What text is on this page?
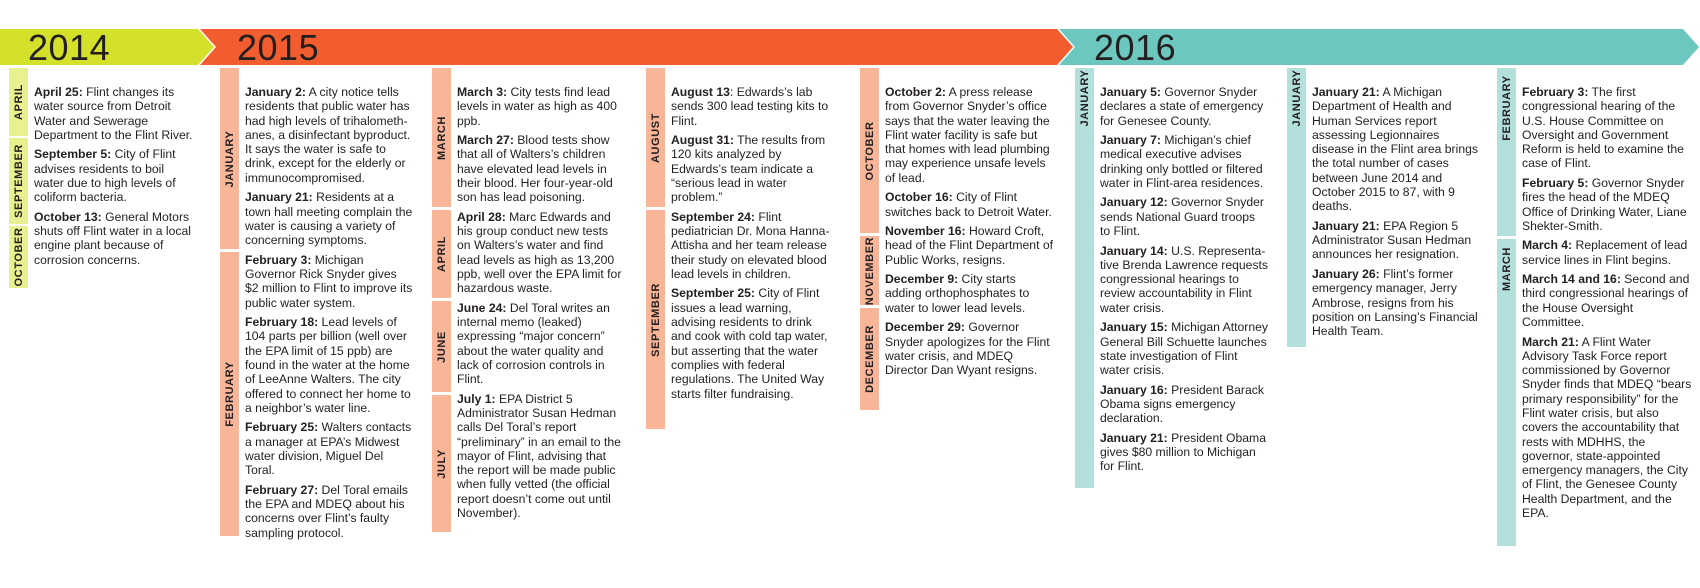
2014	2015	2016
APRIL
SEPTEMBER
OCTOBER

April 25: Flint changes its water source from Detroit Water and Sewerage Department to the Flint River.

September 5: City of Flint advises residents to boil water due to high levels of coliform bacteria.

October 13: General Motors shuts off Flint water in a local engine plant because of corrosion concerns.

JANUARY
FEBRUARY

January 2: A city notice tells residents that public water has had high levels of trihalomethanes, a disinfectant byproduct. It says the water is safe to drink, except for the elderly or immunocompromised.

January 21: Residents at a town hall meeting complain the water is causing a variety of concerning symptoms.

February 3: Michigan Governor Rick Snyder gives $2 million to Flint to improve its public water system.

February 18: Lead levels of 104 parts per billion (well over the EPA limit of 15 ppb) are found in the water at the home of LeeAnne Walters. The city offered to connect her home to a neighbor’s water line.

February 25: Walters contacts a manager at EPA’s Midwest water division, Miguel Del Toral.

February 27: Del Toral emails the EPA and MDEQ about his concerns over Flint’s faulty sampling protocol.

MARCH
APRIL
JUNE
JULY

March 3: City tests find lead levels in water as high as 400 ppb.

March 27: Blood tests show that all of Walters’s children have elevated lead levels in their blood. Her four-year-old son has lead poisoning.

April 28: Marc Edwards and his group conduct new tests on Walters’s water and find lead levels as high as 13,200 ppb, well over the EPA limit for hazardous waste.

June 24: Del Toral writes an internal memo (leaked) expressing “major concern” about the water quality and lack of corrosion controls in Flint.

July 1: EPA District 5 Administrator Susan Hedman calls Del Toral’s report “preliminary” in an email to the mayor of Flint, advising that the report will be made public when fully vetted (the official report doesn’t come out until November).

AUGUST
SEPTEMBER

August 13: Edwards’s lab sends 300 lead testing kits to Flint.

August 31: The results from 120 kits analyzed by Edwards’s team indicate a “serious lead in water problem.”

September 24: Flint pediatrician Dr. Mona Hanna-Attisha and her team release their study on elevated blood lead levels in children.

September 25: City of Flint issues a lead warning, advising residents to drink and cook with cold tap water, but asserting that the water complies with federal regulations. The United Way starts filter fundraising.

OCTOBER
NOVEMBER
DECEMBER

October 2: A press release from Governor Snyder’s office says that the water leaving the Flint water facility is safe but that homes with lead plumbing may experience unsafe levels of lead.

October 16: City of Flint switches back to Detroit Water.

November 16: Howard Croft, head of the Flint Department of Public Works, resigns.

December 9: City starts adding orthophosphates to water to lower lead levels.

December 29: Governor Snyder apologizes for the Flint water crisis, and MDEQ Director Dan Wyant resigns.

JANUARY January 5: Governor Snyder declares a state of emergency for Genesee County.

January 7: Michigan’s chief medical executive advises drinking only bottled or filtered water in Flint-area residences.

January 12: Governor Snyder sends National Guard troops to Flint.

January 14: U.S. Representative Brenda Lawrence requests congressional hearings to review accountability in Flint water crisis.

January 15: Michigan Attorney General Bill Schuette launches state investigation of Flint water crisis.

January 16: President Barack Obama signs emergency declaration.

January 21: President Obama gives $80 million to Michigan for Flint.

JANUARY January 21: A Michigan Department of Health and Human Services report assessing Legionnaires disease in the Flint area brings the total number of cases between June 2014 and October 2015 to 87, with 9 deaths.

January 21: EPA Region 5 Administrator Susan Hedman announces her resignation.

January 26: Flint’s former emergency manager, Jerry Ambrose, resigns from his position on Lansing’s Financial Health Team.

FEBRUARY
MARCH

February 3: The first congressional hearing of the U.S. House Committee on Oversight and Government Reform is held to examine the case of Flint.

February 5: Governor Snyder fires the head of the MDEQ Office of Drinking Water, Liane Shekter-Smith.

March 4: Replacement of lead service lines in Flint begins.

March 14 and 16: Second and third congressional hearings of the House Oversight Committee.

March 21: A Flint Water Advisory Task Force report commissioned by Governor Snyder finds that MDEQ “bears primary responsibility” for the Flint water crisis, but also covers the accountability that rests with MDHHS, the governor, state-appointed emergency managers, the City of Flint, the Genesee County Health Department, and the EPA.
